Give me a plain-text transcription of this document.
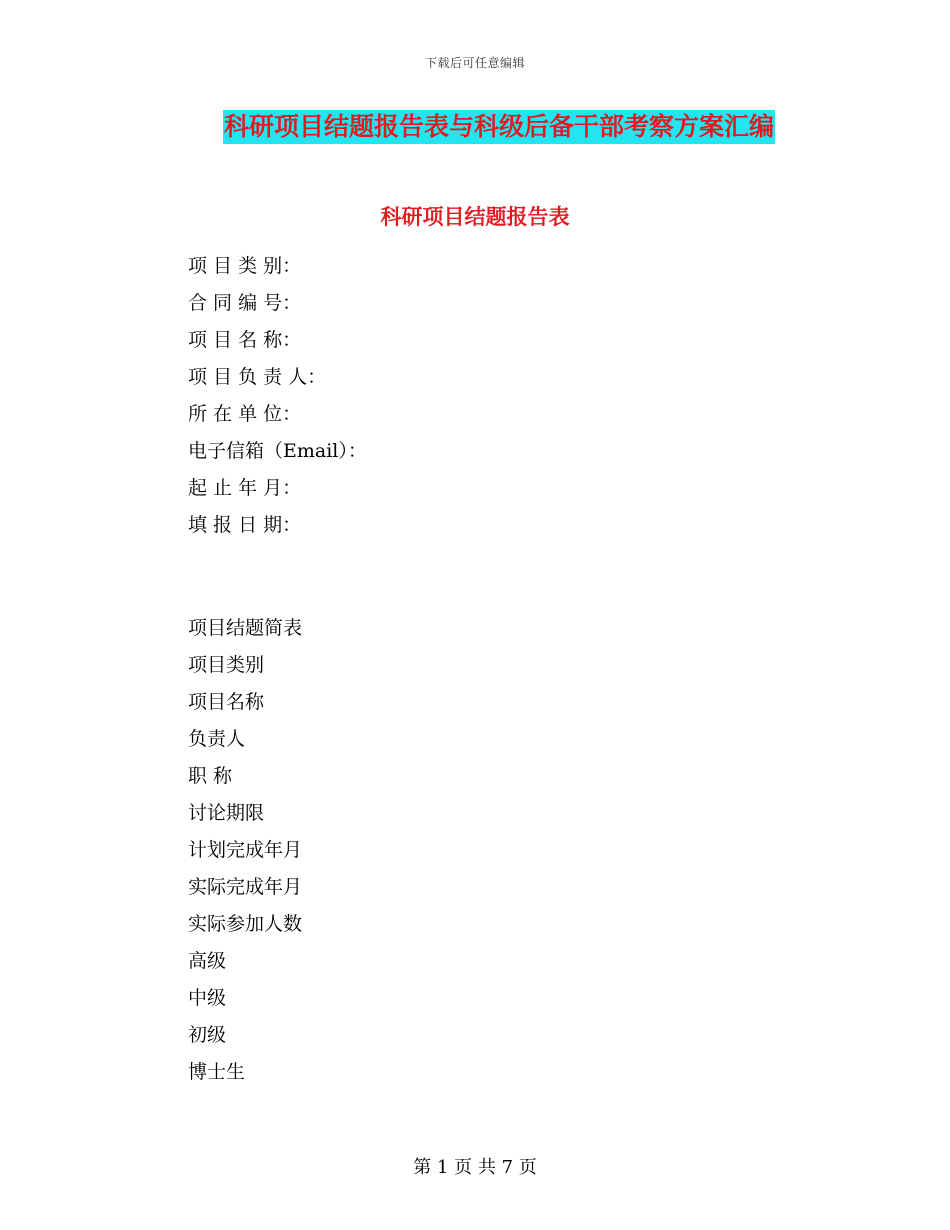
下载后可任意编辑
科研项目结题报告表与科级后备干部考察方案汇编
科研项目结题报告表
项 目 类 别：
合 同 编 号：
项 目 名 称：
项 目 负 责 人：
所 在 单 位：
电子信箱（Email）：
起 止 年 月：
填 报 日 期：
项目结题简表
项目类别
项目名称
负责人
职 称
讨论期限
计划完成年月
实际完成年月
实际参加人数
高级
中级
初级
博士生
第 1 页 共 7 页
